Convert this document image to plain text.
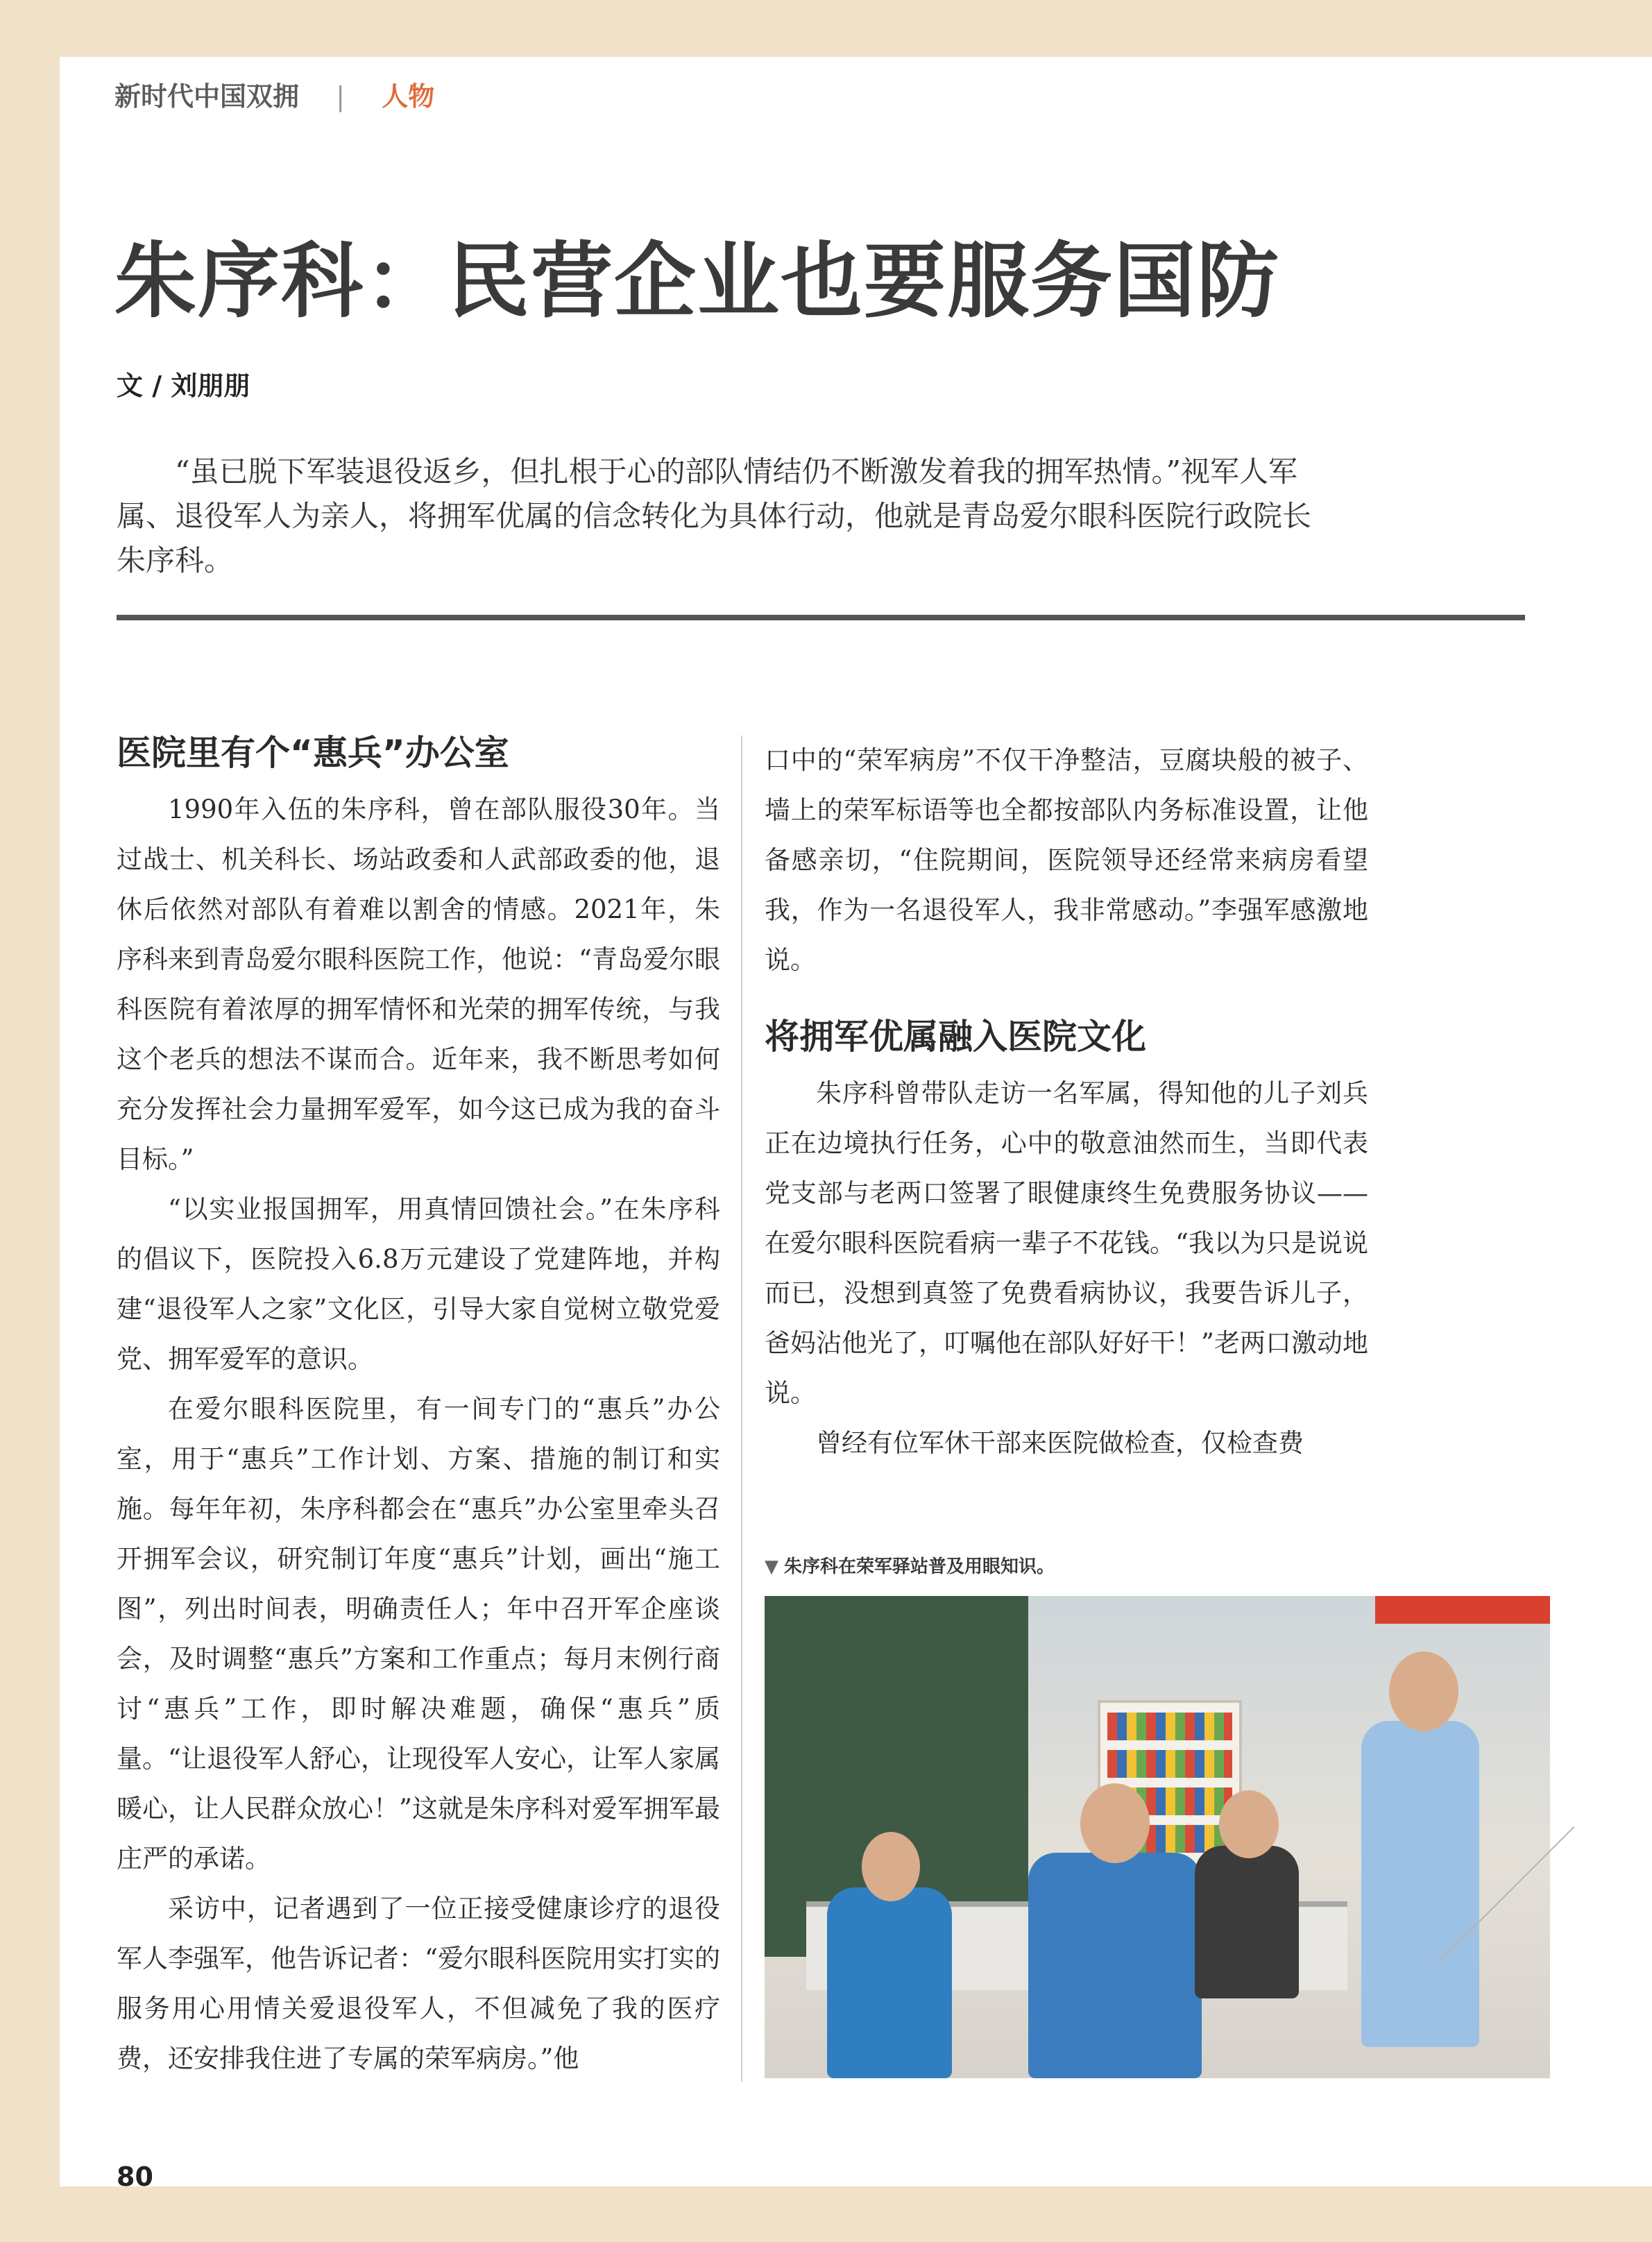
新时代中国双拥 | 人物
朱序科：民营企业也要服务国防
文 / 刘朋朋
“虽已脱下军装退役返乡，但扎根于心的部队情结仍不断激发着我的拥军热情。”视军人军属、退役军人为亲人，将拥军优属的信念转化为具体行动，他就是青岛爱尔眼科医院行政院长朱序科。
医院里有个“惠兵”办公室

1990年入伍的朱序科，曾在部队服役30年。当过战士、机关科长、场站政委和人武部政委的他，退休后依然对部队有着难以割舍的情感。2021年，朱序科来到青岛爱尔眼科医院工作，他说：“青岛爱尔眼科医院有着浓厚的拥军情怀和光荣的拥军传统，与我这个老兵的想法不谋而合。近年来，我不断思考如何充分发挥社会力量拥军爱军，如今这已成为我的奋斗目标。”

“以实业报国拥军，用真情回馈社会。”在朱序科的倡议下，医院投入6.8万元建设了党建阵地，并构建“退役军人之家”文化区，引导大家自觉树立敬党爱党、拥军爱军的意识。

在爱尔眼科医院里，有一间专门的“惠兵”办公室，用于“惠兵”工作计划、方案、措施的制订和实施。每年年初，朱序科都会在“惠兵”办公室里牵头召开拥军会议，研究制订年度“惠兵”计划，画出“施工图”，列出时间表，明确责任人；年中召开军企座谈会，及时调整“惠兵”方案和工作重点；每月末例行商讨“惠兵”工作，即时解决难题，确保“惠兵”质量。“让退役军人舒心，让现役军人安心，让军人家属暖心，让人民群众放心！”这就是朱序科对爱军拥军最庄严的承诺。

采访中，记者遇到了一位正接受健康诊疗的退役军人李强军，他告诉记者：“爱尔眼科医院用实打实的服务用心用情关爱退役军人，不但减免了我的医疗费，还安排我住进了专属的荣军病房。”他

口中的“荣军病房”不仅干净整洁，豆腐块般的被子、墙上的荣军标语等也全都按部队内务标准设置，让他备感亲切，“住院期间，医院领导还经常来病房看望我，作为一名退役军人，我非常感动。”李强军感激地说。

将拥军优属融入医院文化

朱序科曾带队走访一名军属，得知他的儿子刘兵正在边境执行任务，心中的敬意油然而生，当即代表党支部与老两口签署了眼健康终生免费服务协议——在爱尔眼科医院看病一辈子不花钱。“我以为只是说说而已，没想到真签了免费看病协议，我要告诉儿子，爸妈沾他光了，叮嘱他在部队好好干！”老两口激动地说。

曾经有位军休干部来医院做检查，仅检查费

▼ 朱序科在荣军驿站普及用眼知识。
80
